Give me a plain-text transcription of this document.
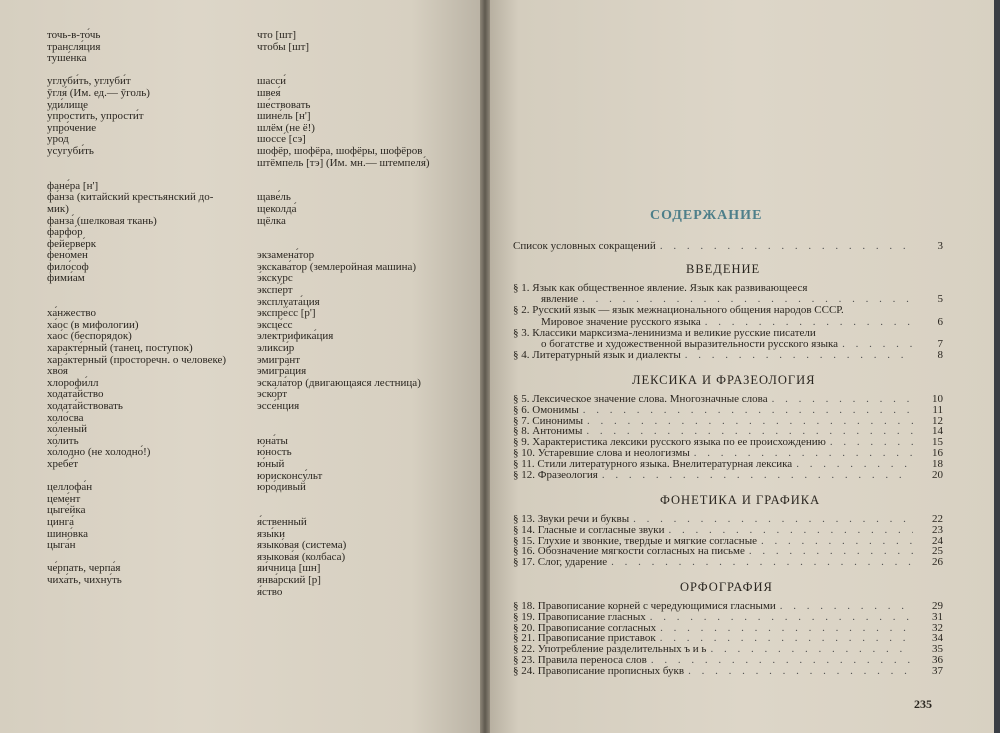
точь-в-то́чь
трансля́ция
туше́нка
углуби́ть, углуби́т
ӯгля́ (Им. ед.— ӯголь)
уди́лище
упрости́ть, упрости́т
упро́чение
уро́д
усугуби́ть
фане́ра [н']
фа́нза (китайский крестьянский до-
мик)
фанза́ (шелковая ткань)
фарфо́р
фейерве́рк
фено́мен
фило́соф
фими́ам
ха́нжество
ха́ос (в мифологии)
хао́с (беспорядок)
характе́рный (танец, поступок)
хара́ктерный (просторечн. о человеке)
хво́я
хлорофи́лл
ходата́йство
ходата́йствовать
холо́сва
хо́леный
хо́лить
хо́лодно (не холодно́!)
хребе́т
целлофа́н
цеме́нт
цыге́йка
цинга́
шино́вка
цыга́н
че́рпать, черпа́я
чиха́ть, чихну́ть
что [шт]
чтобы [шт]
шасси́
швея́
ше́ствовать
шине́ль [н']
шлём (не ё!)
шоссе́ [сэ]
шофёр, шофёра, шофёры, шофёров
штёмпель [тэ] (Им. мн.— штемпеля́)
щаве́ль
щеколда́
щёлка
экзамена́тор
экскава́тор (землеройная машина)
э́кскурс
экспе́рт
эксплуата́ция
экспре́сс [р']
эксце́сс
электрифика́ция
эликси́р
эмигра́нт
эмигра́ция
эскала́тор (двигающаяся лестница)
эско́рт
эссе́нция
юна́ты
ю́ность
ю́ный
юрисконсу́льт
юро́дивый
я́ственный
язы́ки
языко́вая (система)
языкова́я (колбаса)
яи́чница [шн]
янва́рский [р]
я́ство
СОДЕРЖАНИЕ
Список условных сокращений . . .	3
ВВЕДЕНИЕ
§ 1. Язык как общественное явление. Язык как развивающееся
явление . . .	5
§ 2. Русский язык — язык межнационального общения народов СССР.
Мировое значение русского языка . . .	6
§ 3. Классики марксизма-ленинизма и великие русские писатели
о богатстве и художественной выразительности русского языка . . .	7
§ 4. Литературный язык и диалекты . . .	8
ЛЕКСИКА И ФРАЗЕОЛОГИЯ
§ 5. Лексическое значение слова. Многозначные слова . . .	10
§ 6. Омонимы . . .	11
§ 7. Синонимы . . .	12
§ 8. Антонимы . . .	14
§ 9. Характеристика лексики русского языка по ее происхождению . . .	15
§ 10. Устаревшие слова и неологизмы . . .	16
§ 11. Стили литературного языка. Внелитературная лексика . . .	18
§ 12. Фразеология . . .	20
ФОНЕТИКА И ГРАФИКА
§ 13. Звуки речи и буквы . . .	22
§ 14. Гласные и согласные звуки . . .	23
§ 15. Глухие и звонкие, твердые и мягкие согласные . . .	24
§ 16. Обозначение мягкости согласных на письме . . .	25
§ 17. Слог, ударение . . .	26
ОРФОГРАФИЯ
§ 18. Правописание корней с чередующимися гласными . . .	29
§ 19. Правописание гласных . . .	31
§ 20. Правописание согласных . . .	32
§ 21. Правописание приставок . . .	34
§ 22. Употребление разделительных ъ и ь . . .	35
§ 23. Правила переноса слов . . .	36
§ 24. Правописание прописных букв . . .	37
235
